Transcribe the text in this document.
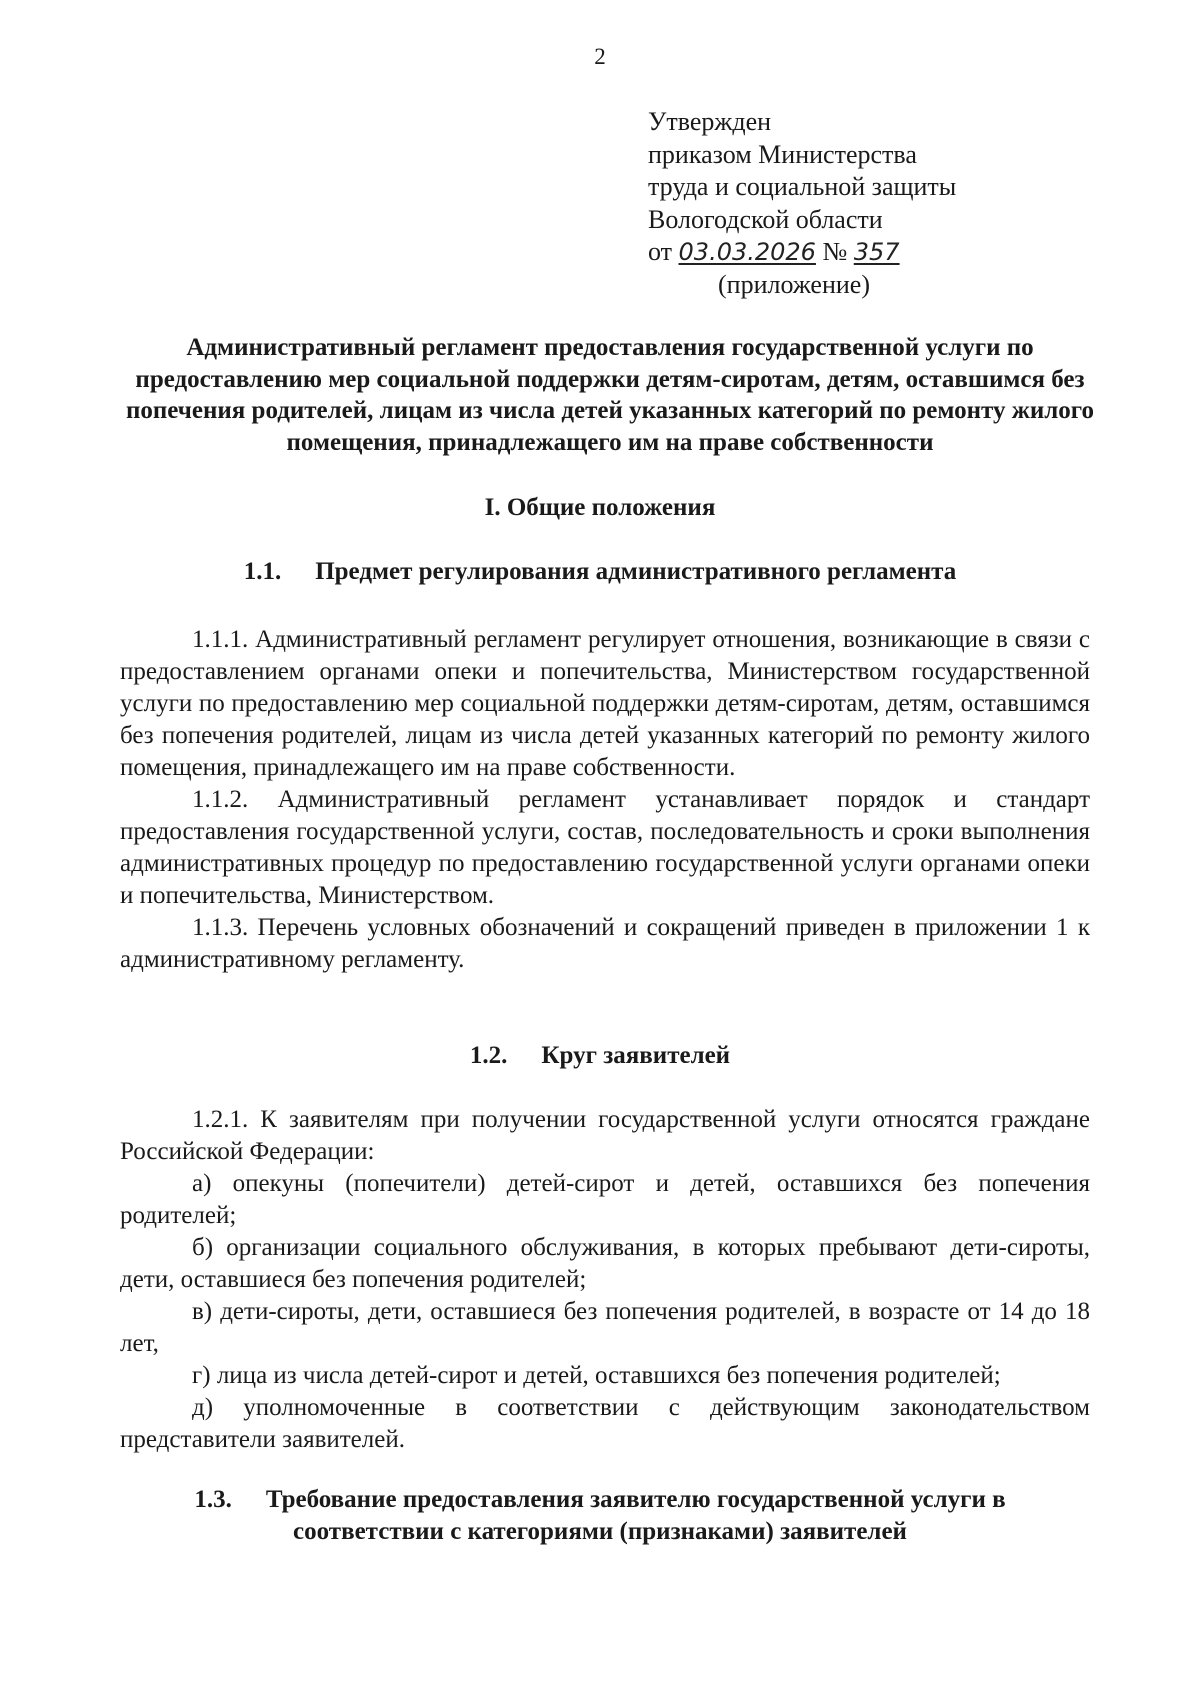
2
Утвержден
приказом Министерства
труда и социальной защиты
Вологодской области
от 03.03.2026 № 357
(приложение)
Административный регламент предоставления государственной услуги по предоставлению мер социальной поддержки детям-сиротам, детям, оставшимся без попечения родителей, лицам из числа детей указанных категорий по ремонту жилого помещения, принадлежащего им на праве собственности
I. Общие положения
1.1. Предмет регулирования административного регламента

1.1.1. Административный регламент регулирует отношения, возникающие в связи с предоставлением органами опеки и попечительства, Министерством государственной услуги по предоставлению мер социальной поддержки детям-сиротам, детям, оставшимся без попечения родителей, лицам из числа детей указанных категорий по ремонту жилого помещения, принадлежащего им на праве собственности.

1.1.2. Административный регламент устанавливает порядок и стандарт предоставления государственной услуги, состав, последовательность и сроки выполнения административных процедур по предоставлению государственной услуги органами опеки и попечительства, Министерством.

1.1.3. Перечень условных обозначений и сокращений приведен в приложении 1 к административному регламенту.

1.2. Круг заявителей

1.2.1. К заявителям при получении государственной услуги относятся граждане Российской Федерации:

а) опекуны (попечители) детей-сирот и детей, оставшихся без попечения родителей;

б) организации социального обслуживания, в которых пребывают дети-сироты, дети, оставшиеся без попечения родителей;

в) дети-сироты, дети, оставшиеся без попечения родителей, в возрасте от 14 до 18 лет,

г) лица из числа детей-сирот и детей, оставшихся без попечения родителей;

д) уполномоченные в соответствии с действующим законодательством представители заявителей.

1.3. Требование предоставления заявителю государственной услуги в
соответствии с категориями (признаками) заявителей
